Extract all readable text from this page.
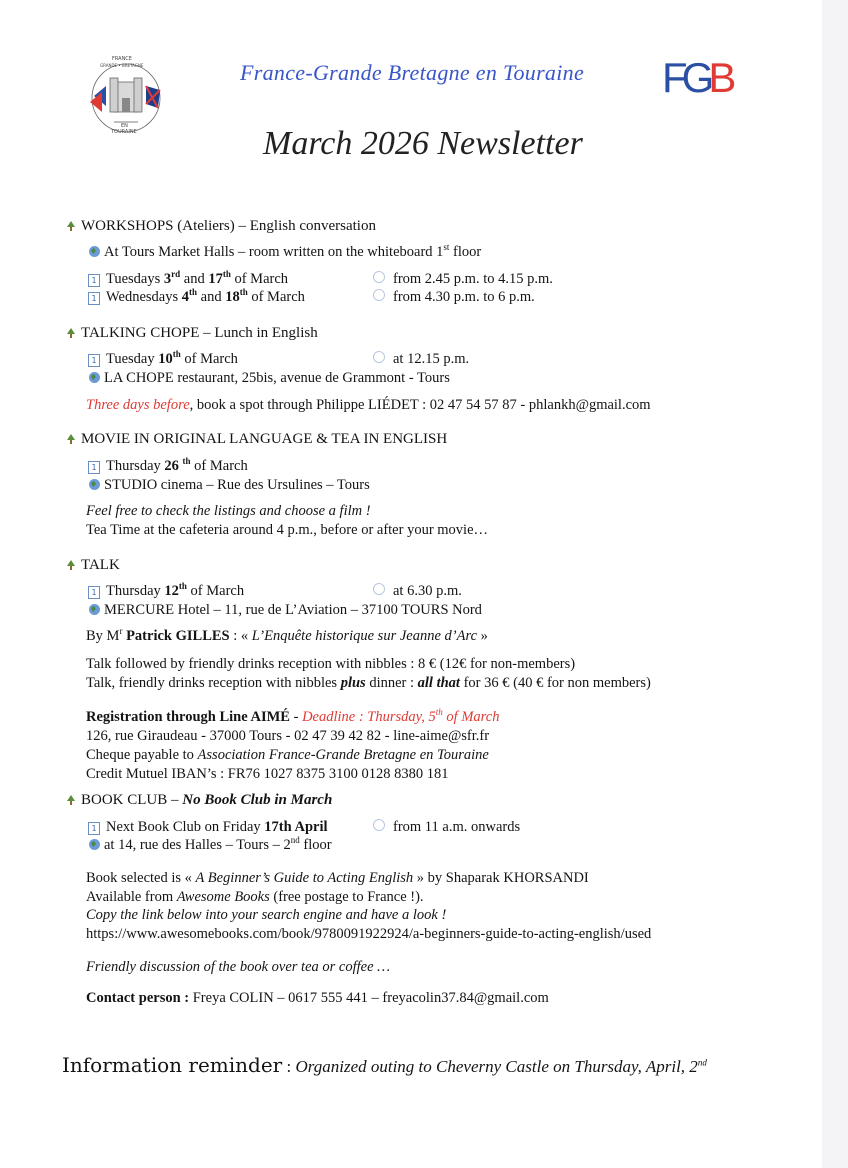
FRANCE
GRANDE • BRETAGNE
EN
TOURAINE
France-Grande Bretagne en Touraine FGB
March 2026 Newsletter
WORKSHOPS (Ateliers) – English conversation
At Tours Market Halls – room written on the whiteboard 1st floor
1 Tuesdays 3rd and 17th of March	from 2.45 p.m. to 4.15 p.m.
1 Wednesdays 4th and 18th of March	from 4.30 p.m. to 6 p.m.
TALKING CHOPE – Lunch in English
1 Tuesday 10th of March	at 12.15 p.m.
LA CHOPE restaurant, 25bis, avenue de Grammont - Tours
Three days before, book a spot through Philippe LIÉDET : 02 47 54 57 87 - phlankh@gmail.com
MOVIE IN ORIGINAL LANGUAGE & TEA IN ENGLISH
1 Thursday 26 $^{th}$ of March
STUDIO cinema – Rue des Ursulines – Tours
Feel free to check the listings and choose a film !
Tea Time at the cafeteria around 4 p.m., before or after your movie…
TALK
1 Thursday 12th of March	at 6.30 p.m.
MERCURE Hotel – 11, rue de L’Aviation – 37100 TOURS Nord
By $M^r$ Patrick GILLES : « L’Enquête historique sur Jeanne d’Arc »
Talk followed by friendly drinks reception with nibbles : 8 € (12€ for non-members)
Talk, friendly drinks reception with nibbles plus dinner : all that for 36 € (40 € for non members)
Registration through Line AIMÉ - Deadline : Thursday, 5th of March
126, rue Giraudeau - 37000 Tours - 02 47 39 42 82 - line-aime@sfr.fr
Cheque payable to Association France-Grande Bretagne en Touraine
Credit Mutuel IBAN’s : FR76 1027 8375 3100 0128 8380 181
BOOK CLUB – No Book Club in March
1 Next Book Club on Friday 17th April	from 11 a.m. onwards
at 14, rue des Halles – Tours – 2nd floor
Book selected is « A Beginner’s Guide to Acting English » by Shaparak KHORSANDI
Available from Awesome Books (free postage to France !).
Copy the link below into your search engine and have a look !
https://www.awesomebooks.com/book/9780091922924/a-beginners-guide-to-acting-english/used
Friendly discussion of the book over tea or coffee …
Contact person : Freya COLIN – 0617 555 441 – freyacolin37.84@gmail.com
Information reminder : Organized outing to Cheverny Castle on Thursday, April, 2nd
